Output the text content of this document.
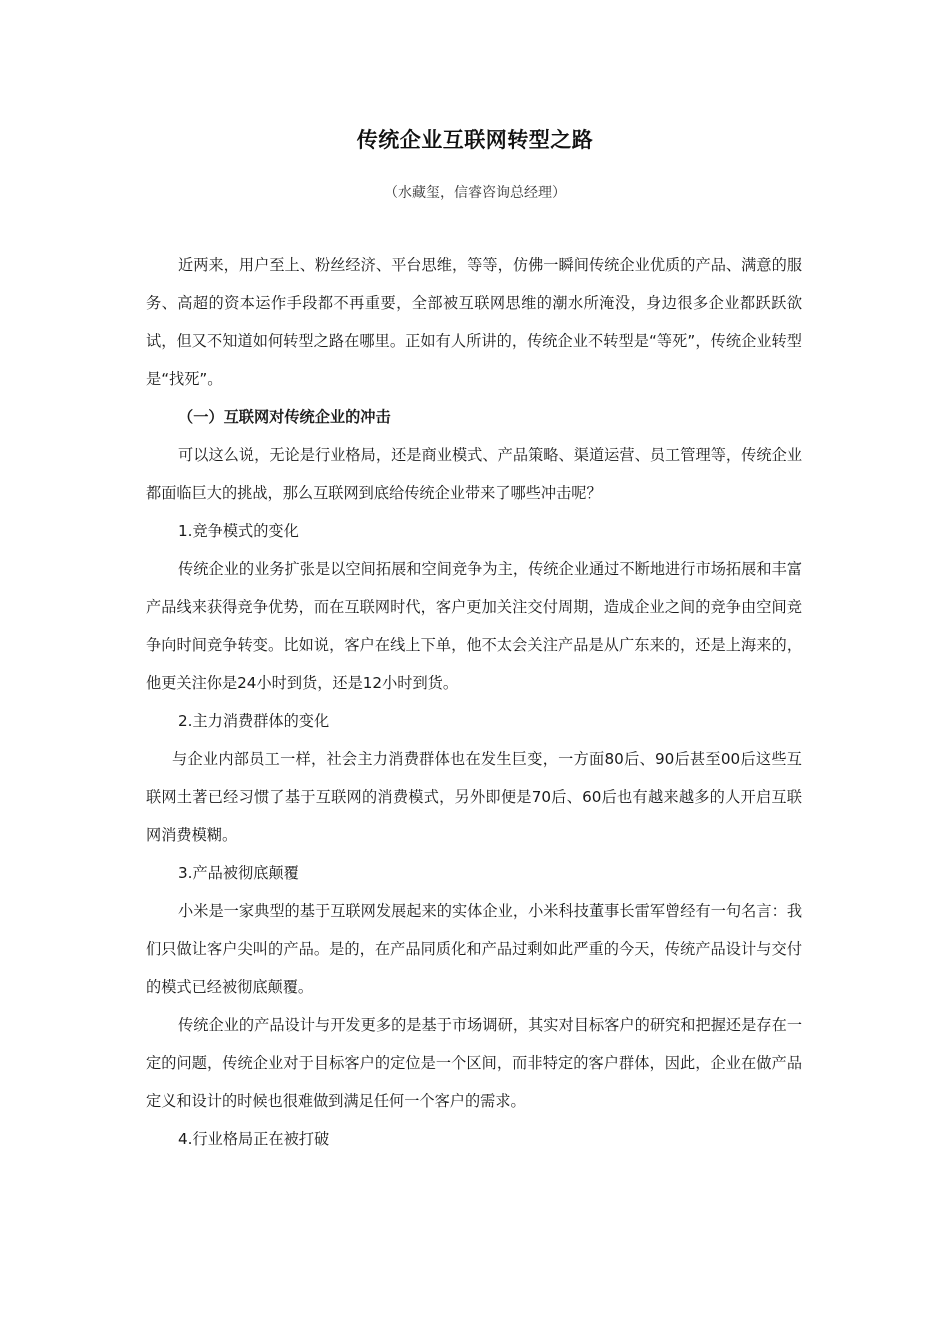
传统企业互联网转型之路
（水藏玺，信睿咨询总经理）

近两来，用户至上、粉丝经济、平台思维，等等，仿佛一瞬间传统企业优质的产品、满意的服务、高超的资本运作手段都不再重要，全部被互联网思维的潮水所淹没，身边很多企业都跃跃欲试，但又不知道如何转型之路在哪里。正如有人所讲的，传统企业不转型是“等死”，传统企业转型是“找死”。

（一）互联网对传统企业的冲击

可以这么说，无论是行业格局，还是商业模式、产品策略、渠道运营、员工管理等，传统企业都面临巨大的挑战，那么互联网到底给传统企业带来了哪些冲击呢？

1.竞争模式的变化

传统企业的业务扩张是以空间拓展和空间竞争为主，传统企业通过不断地进行市场拓展和丰富产品线来获得竞争优势，而在互联网时代，客户更加关注交付周期，造成企业之间的竞争由空间竞争向时间竞争转变。比如说，客户在线上下单，他不太会关注产品是从广东来的，还是上海来的，他更关注你是24小时到货，还是12小时到货。

2.主力消费群体的变化

与企业内部员工一样，社会主力消费群体也在发生巨变，一方面80后、90后甚至00后这些互联网土著已经习惯了基于互联网的消费模式，另外即便是70后、60后也有越来越多的人开启互联网消费模糊。

3.产品被彻底颠覆

小米是一家典型的基于互联网发展起来的实体企业，小米科技董事长雷军曾经有一句名言：我们只做让客户尖叫的产品。是的，在产品同质化和产品过剩如此严重的今天，传统产品设计与交付的模式已经被彻底颠覆。

传统企业的产品设计与开发更多的是基于市场调研，其实对目标客户的研究和把握还是存在一定的问题，传统企业对于目标客户的定位是一个区间，而非特定的客户群体，因此，企业在做产品定义和设计的时候也很难做到满足任何一个客户的需求。

4.行业格局正在被打破
